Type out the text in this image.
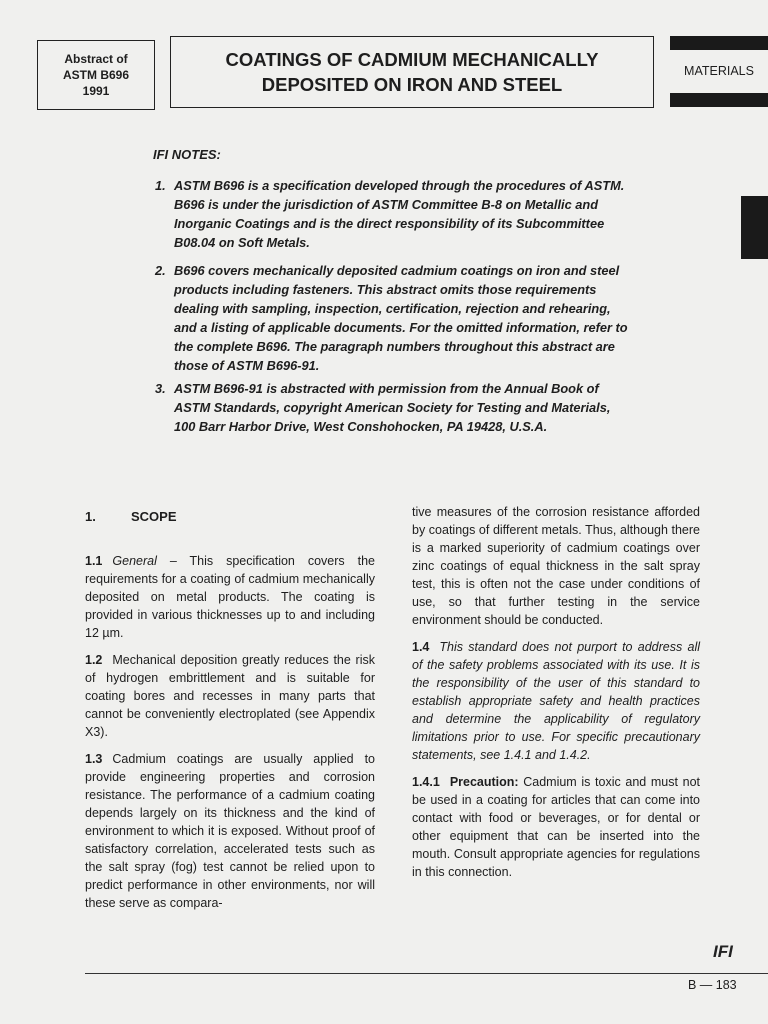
Abstract of
ASTM B696
1991
COATINGS OF CADMIUM MECHANICALLY
DEPOSITED ON IRON AND STEEL
MATERIALS
IFI NOTES:
1. ASTM B696 is a specification developed through the procedures of ASTM. B696 is under the jurisdiction of ASTM Committee B-8 on Metallic and Inorganic Coatings and is the direct responsibility of its Subcommittee B08.04 on Soft Metals.
2. B696 covers mechanically deposited cadmium coatings on iron and steel products including fasteners. This abstract omits those requirements dealing with sampling, inspection, certification, rejection and rehearing, and a listing of applicable documents. For the omitted information, refer to the complete B696. The paragraph numbers throughout this abstract are those of ASTM B696-91.
3. ASTM B696-91 is abstracted with permission from the Annual Book of ASTM Standards, copyright American Society for Testing and Materials, 100 Barr Harbor Drive, West Conshohocken, PA 19428, U.S.A.
1.	SCOPE
1.1 General – This specification covers the requirements for a coating of cadmium mechanically deposited on metal products. The coating is provided in various thicknesses up to and including 12 µm.
1.2 Mechanical deposition greatly reduces the risk of hydrogen embrittlement and is suitable for coating bores and recesses in many parts that cannot be conveniently electroplated (see Appendix X3).
1.3 Cadmium coatings are usually applied to provide engineering properties and corrosion resistance. The performance of a cadmium coating depends largely on its thickness and the kind of environment to which it is exposed. Without proof of satisfactory correlation, accelerated tests such as the salt spray (fog) test cannot be relied upon to predict performance in other environments, nor will these serve as compara-
tive measures of the corrosion resistance afforded by coatings of different metals. Thus, although there is a marked superiority of cadmium coatings over zinc coatings of equal thickness in the salt spray test, this is often not the case under conditions of use, so that further testing in the service environment should be conducted.
1.4 This standard does not purport to address all of the safety problems associated with its use. It is the responsibility of the user of this standard to establish appropriate safety and health practices and determine the applicability of regulatory limitations prior to use. For specific precautionary statements, see 1.4.1 and 1.4.2.
1.4.1 Precaution: Cadmium is toxic and must not be used in a coating for articles that can come into contact with food or beverages, or for dental or other equipment that can be inserted into the mouth. Consult appropriate agencies for regulations in this connection.
IFI
B — 183
